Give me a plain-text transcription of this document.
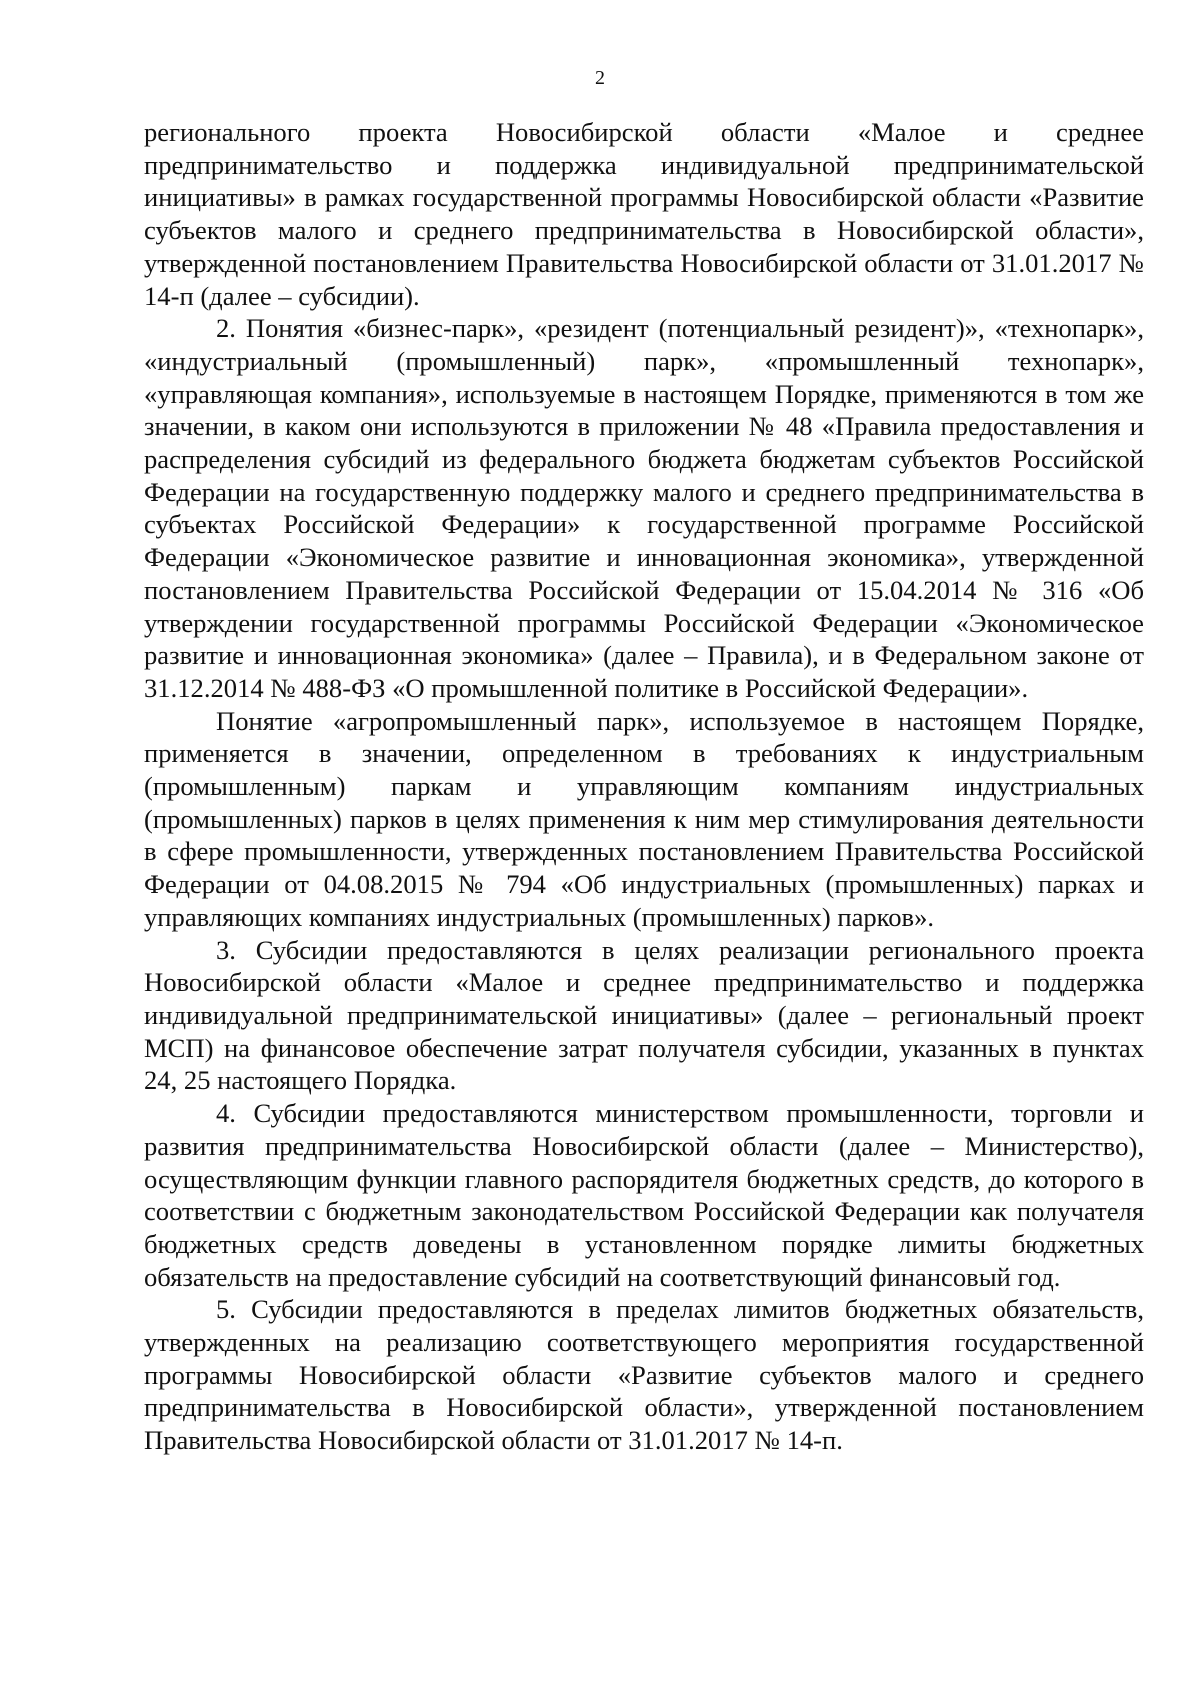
2

регионального проекта Новосибирской области «Малое и среднее предпринимательство и поддержка индивидуальной предпринимательской инициативы» в рамках государственной программы Новосибирской области «Развитие субъектов малого и среднего предпринимательства в Новосибирской области», утвержденной постановлением Правительства Новосибирской области от 31.01.2017 № 14-п (далее – субсидии).

2. Понятия «бизнес-парк», «резидент (потенциальный резидент)», «технопарк», «индустриальный (промышленный) парк», «промышленный технопарк», «управляющая компания», используемые в настоящем Порядке, применяются в том же значении, в каком они используются в приложении № 48 «Правила предоставления и распределения субсидий из федерального бюджета бюджетам субъектов Российской Федерации на государственную поддержку малого и среднего предпринимательства в субъектах Российской Федерации» к государственной программе Российской Федерации «Экономическое развитие и инновационная экономика», утвержденной постановлением Правительства Российской Федерации от 15.04.2014 № 316 «Об утверждении государственной программы Российской Федерации «Экономическое развитие и инновационная экономика» (далее – Правила), и в Федеральном законе от 31.12.2014 № 488-ФЗ «О промышленной политике в Российской Федерации».

Понятие «агропромышленный парк», используемое в настоящем Порядке, применяется в значении, определенном в требованиях к индустриальным (промышленным) паркам и управляющим компаниям индустриальных (промышленных) парков в целях применения к ним мер стимулирования деятельности в сфере промышленности, утвержденных постановлением Правительства Российской Федерации от 04.08.2015 № 794 «Об индустриальных (промышленных) парках и управляющих компаниях индустриальных (промышленных) парков».

3. Субсидии предоставляются в целях реализации регионального проекта Новосибирской области «Малое и среднее предпринимательство и поддержка индивидуальной предпринимательской инициативы» (далее – региональный проект МСП) на финансовое обеспечение затрат получателя субсидии, указанных в пунктах 24, 25 настоящего Порядка.

4. Субсидии предоставляются министерством промышленности, торговли и развития предпринимательства Новосибирской области (далее – Министерство), осуществляющим функции главного распорядителя бюджетных средств, до которого в соответствии с бюджетным законодательством Российской Федерации как получателя бюджетных средств доведены в установленном порядке лимиты бюджетных обязательств на предоставление субсидий на соответствующий финансовый год.

5. Субсидии предоставляются в пределах лимитов бюджетных обязательств, утвержденных на реализацию соответствующего мероприятия государственной программы Новосибирской области «Развитие субъектов малого и среднего предпринимательства в Новосибирской области», утвержденной постановлением Правительства Новосибирской области от 31.01.2017 № 14-п.
